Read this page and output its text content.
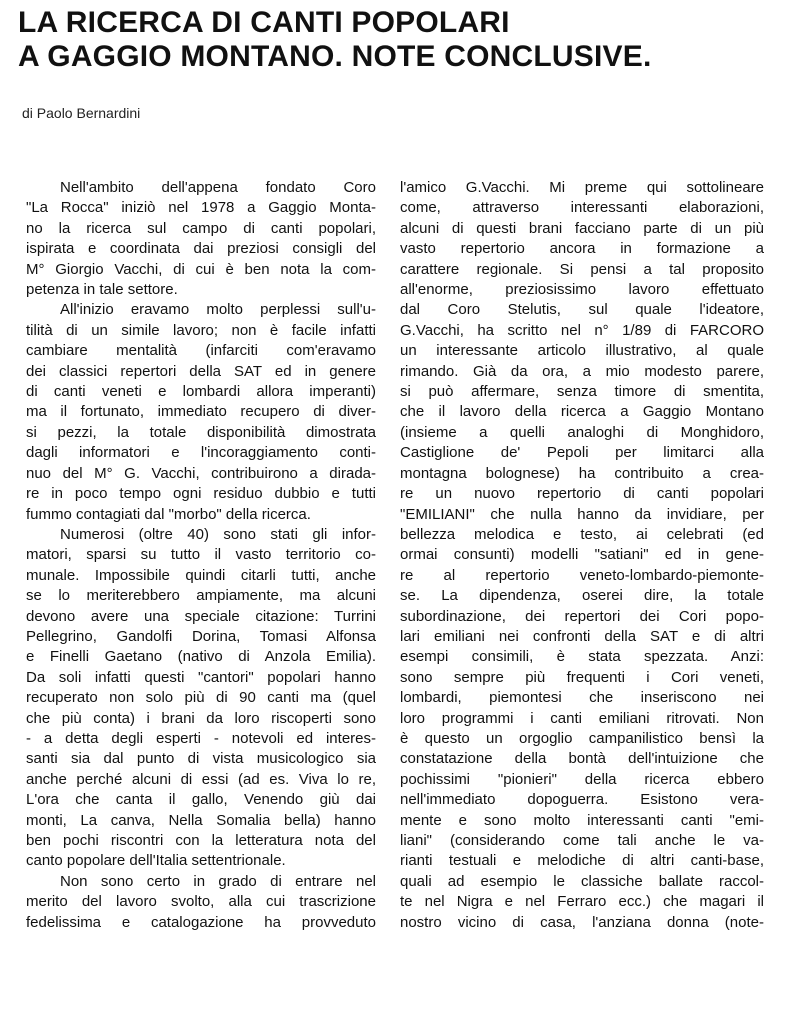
LA RICERCA DI CANTI POPOLARI
A GAGGIO MONTANO. NOTE CONCLUSIVE.
di Paolo Bernardini

Nell'ambito dell'appena fondato Coro
"La Rocca" iniziò nel 1978 a Gaggio Monta-
no la ricerca sul campo di canti popolari,
ispirata e coordinata dai preziosi consigli del
M° Giorgio Vacchi, di cui è ben nota la com-
petenza in tale settore.

All'inizio eravamo molto perplessi sull'u-
tilità di un simile lavoro; non è facile infatti
cambiare mentalità (infarciti com'eravamo
dei classici repertori della SAT ed in genere
di canti veneti e lombardi allora imperanti)
ma il fortunato, immediato recupero di diver-
si pezzi, la totale disponibilità dimostrata
dagli informatori e l'incoraggiamento conti-
nuo del M° G. Vacchi, contribuirono a dirada-
re in poco tempo ogni residuo dubbio e tutti
fummo contagiati dal "morbo" della ricerca.

Numerosi (oltre 40) sono stati gli infor-
matori, sparsi su tutto il vasto territorio co-
munale. Impossibile quindi citarli tutti, anche
se lo meriterebbero ampiamente, ma alcuni
devono avere una speciale citazione: Turrini
Pellegrino, Gandolfi Dorina, Tomasi Alfonsa
e Finelli Gaetano (nativo di Anzola Emilia).
Da soli infatti questi "cantori" popolari hanno
recuperato non solo più di 90 canti ma (quel
che più conta) i brani da loro riscoperti sono
- a detta degli esperti - notevoli ed interes-
santi sia dal punto di vista musicologico sia
anche perché alcuni di essi (ad es. Viva lo re,
L'ora che canta il gallo, Venendo giù dai
monti, La canva, Nella Somalia bella) hanno
ben pochi riscontri con la letteratura nota del
canto popolare dell'Italia settentrionale.

Non sono certo in grado di entrare nel
merito del lavoro svolto, alla cui trascrizione
fedelissima e catalogazione ha provveduto

l'amico G.Vacchi. Mi preme qui sottolineare
come, attraverso interessanti elaborazioni,
alcuni di questi brani facciano parte di un più
vasto repertorio ancora in formazione a
carattere regionale. Si pensi a tal proposito
all'enorme, preziosissimo lavoro effettuato
dal Coro Stelutis, sul quale l'ideatore,
G.Vacchi, ha scritto nel n° 1/89 di FARCORO
un interessante articolo illustrativo, al quale
rimando. Già da ora, a mio modesto parere,
si può affermare, senza timore di smentita,
che il lavoro della ricerca a Gaggio Montano
(insieme a quelli analoghi di Monghidoro,
Castiglione de' Pepoli per limitarci alla
montagna bolognese) ha contribuito a crea-
re un nuovo repertorio di canti popolari
"EMILIANI" che nulla hanno da invidiare, per
bellezza melodica e testo, ai celebrati (ed
ormai consunti) modelli "satiani" ed in gene-
re al repertorio veneto-lombardo-piemonte-
se. La dipendenza, oserei dire, la totale
subordinazione, dei repertori dei Cori popo-
lari emiliani nei confronti della SAT e di altri
esempi consimili, è stata spezzata. Anzi:
sono sempre più frequenti i Cori veneti,
lombardi, piemontesi che inseriscono nei
loro programmi i canti emiliani ritrovati. Non
è questo un orgoglio campanilistico bensì la
constatazione della bontà dell'intuizione che
pochissimi "pionieri" della ricerca ebbero
nell'immediato dopoguerra. Esistono vera-
mente e sono molto interessanti canti "emi-
liani" (considerando come tali anche le va-
rianti testuali e melodiche di altri canti-base,
quali ad esempio le classiche ballate raccol-
te nel Nigra e nel Ferraro ecc.) che magari il
nostro vicino di casa, l'anziana donna (note-
